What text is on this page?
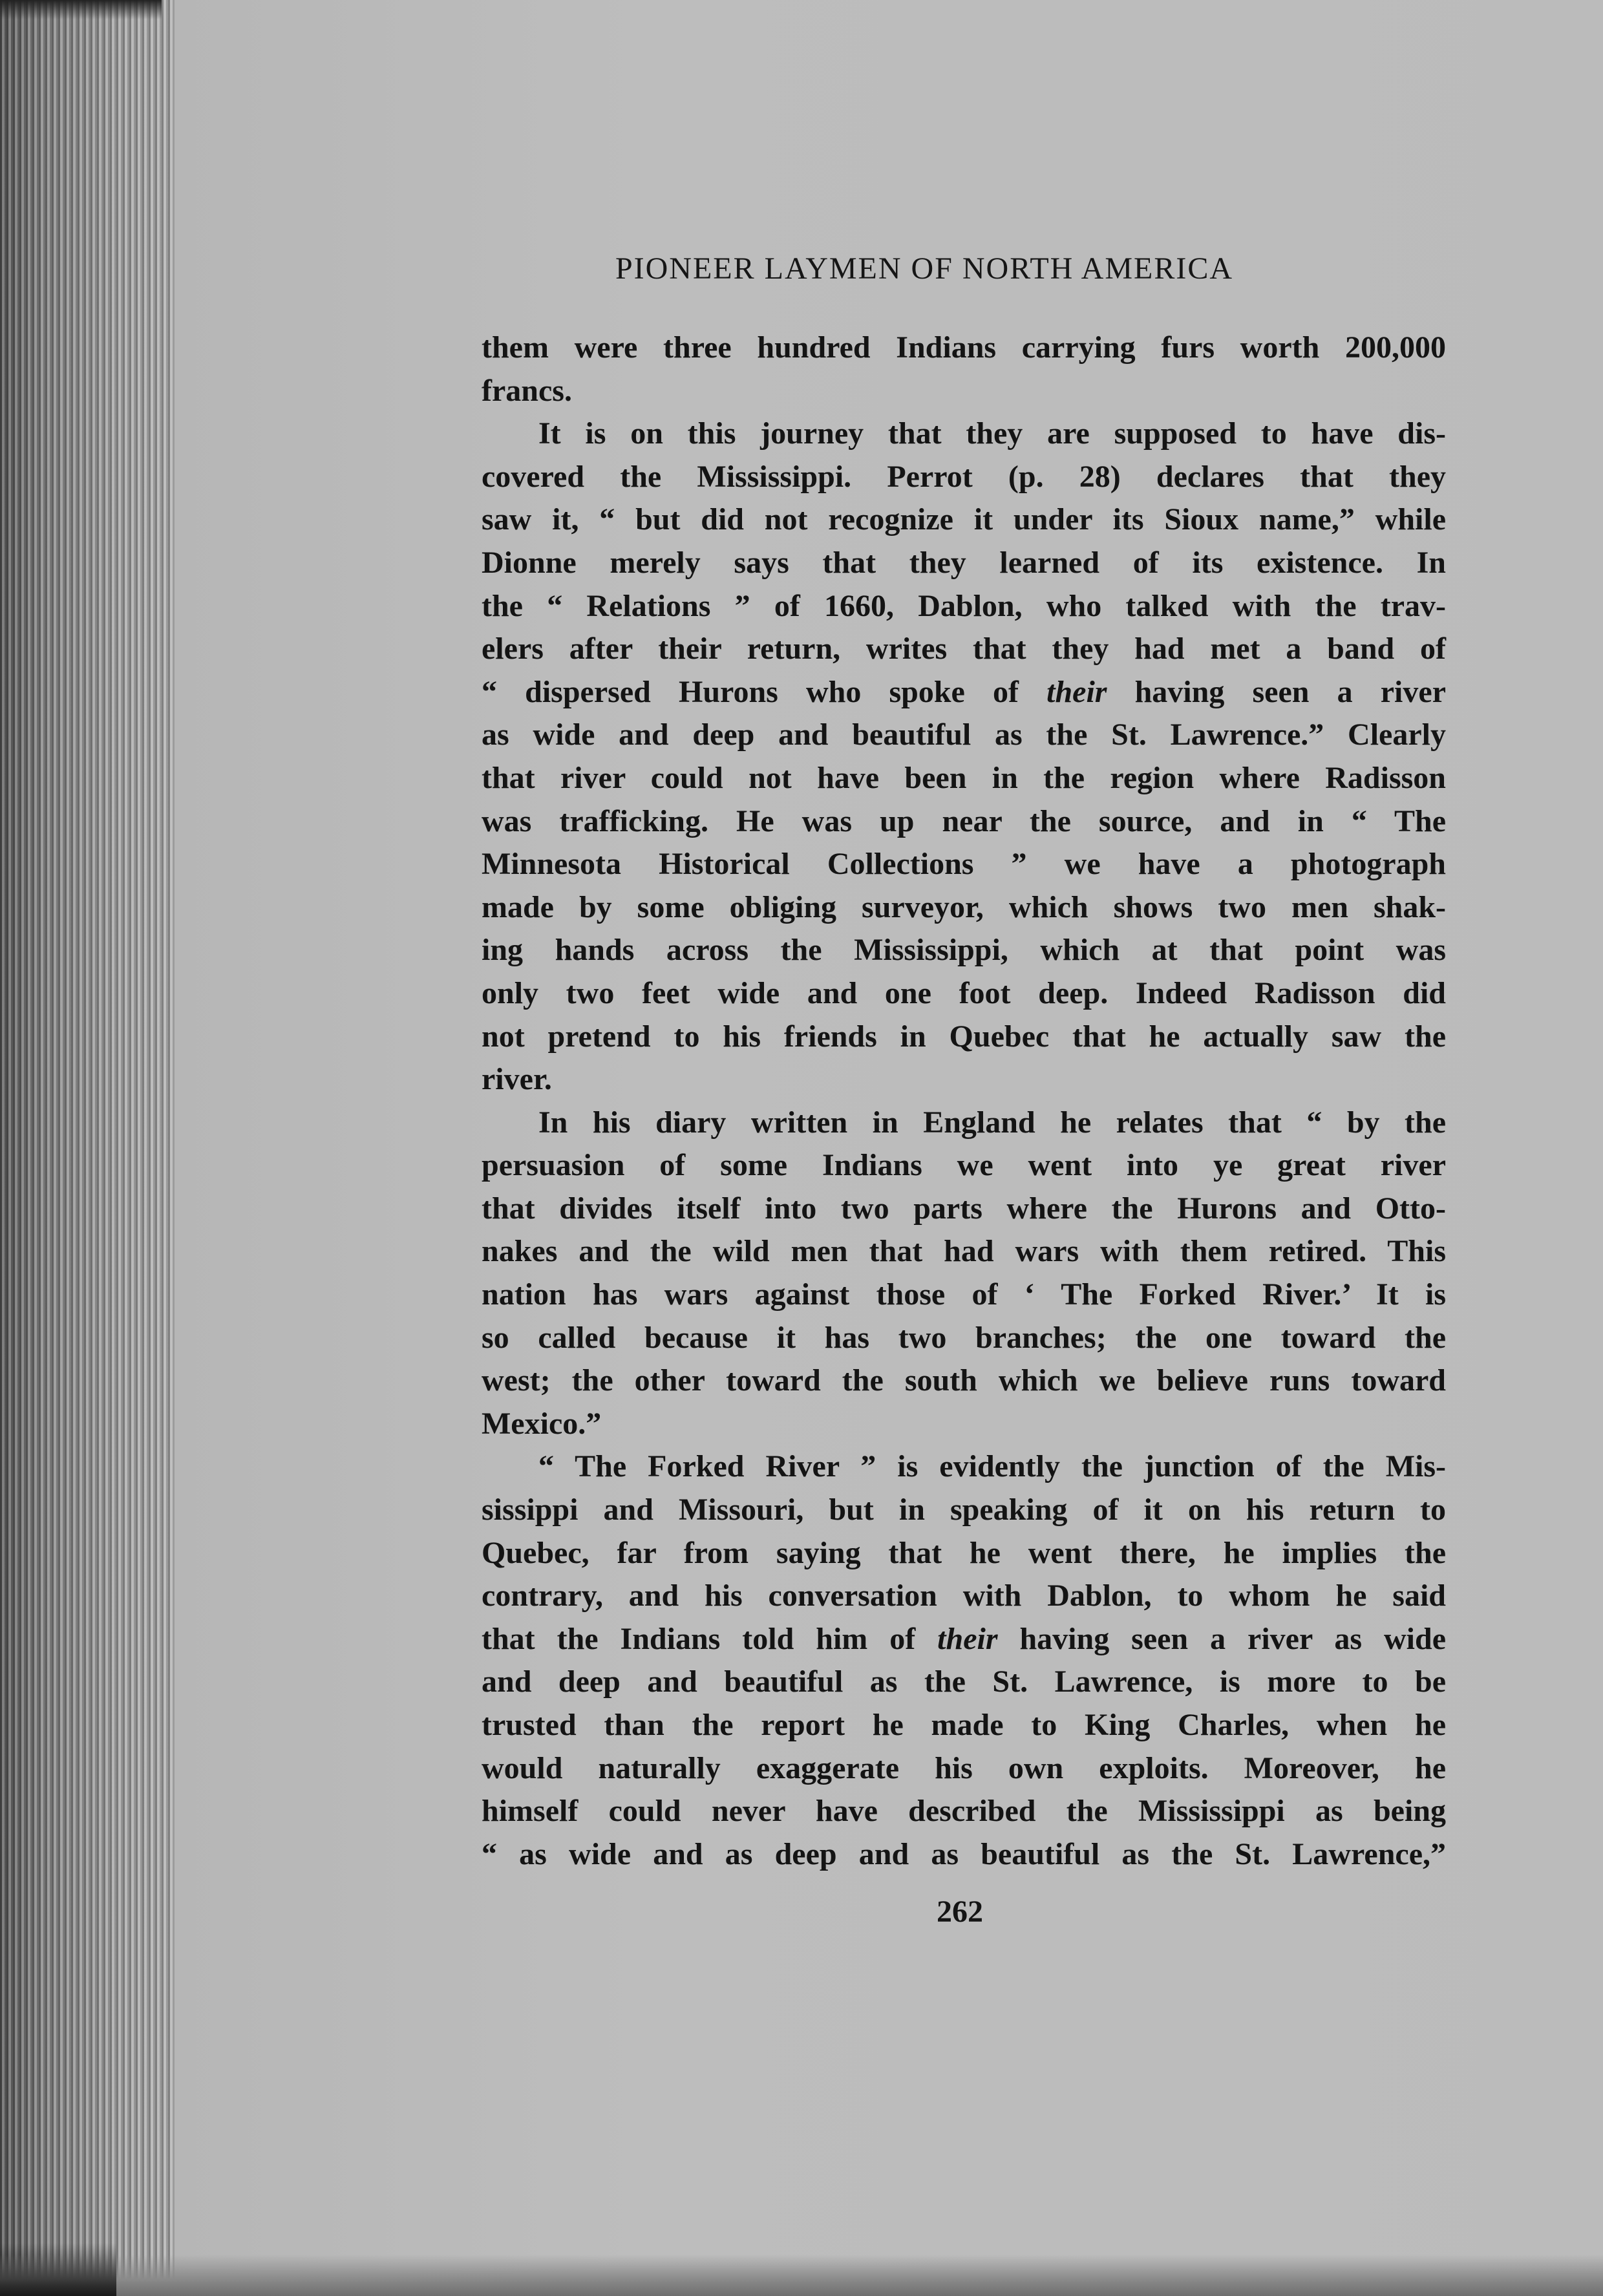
PIONEER LAYMEN OF NORTH AMERICA
them were three hundred Indians carrying furs worth 200,000
francs.
It is on this journey that they are supposed to have dis-
covered the Mississippi. Perrot (p. 28) declares that they
saw it, “ but did not recognize it under its Sioux name,” while
Dionne merely says that they learned of its existence. In
the “ Relations ” of 1660, Dablon, who talked with the trav-
elers after their return, writes that they had met a band of
“ dispersed Hurons who spoke of their having seen a river
as wide and deep and beautiful as the St. Lawrence.” Clearly
that river could not have been in the region where Radisson
was trafficking. He was up near the source, and in “ The
Minnesota Historical Collections ” we have a photograph
made by some obliging surveyor, which shows two men shak-
ing hands across the Mississippi, which at that point was
only two feet wide and one foot deep. Indeed Radisson did
not pretend to his friends in Quebec that he actually saw the
river.
In his diary written in England he relates that “ by the
persuasion of some Indians we went into ye great river
that divides itself into two parts where the Hurons and Otto-
nakes and the wild men that had wars with them retired. This
nation has wars against those of ‘ The Forked River.’ It is
so called because it has two branches; the one toward the
west; the other toward the south which we believe runs toward
Mexico.”
“ The Forked River ” is evidently the junction of the Mis-
sissippi and Missouri, but in speaking of it on his return to
Quebec, far from saying that he went there, he implies the
contrary, and his conversation with Dablon, to whom he said
that the Indians told him of their having seen a river as wide
and deep and beautiful as the St. Lawrence, is more to be
trusted than the report he made to King Charles, when he
would naturally exaggerate his own exploits. Moreover, he
himself could never have described the Mississippi as being
“ as wide and as deep and as beautiful as the St. Lawrence,”
262
